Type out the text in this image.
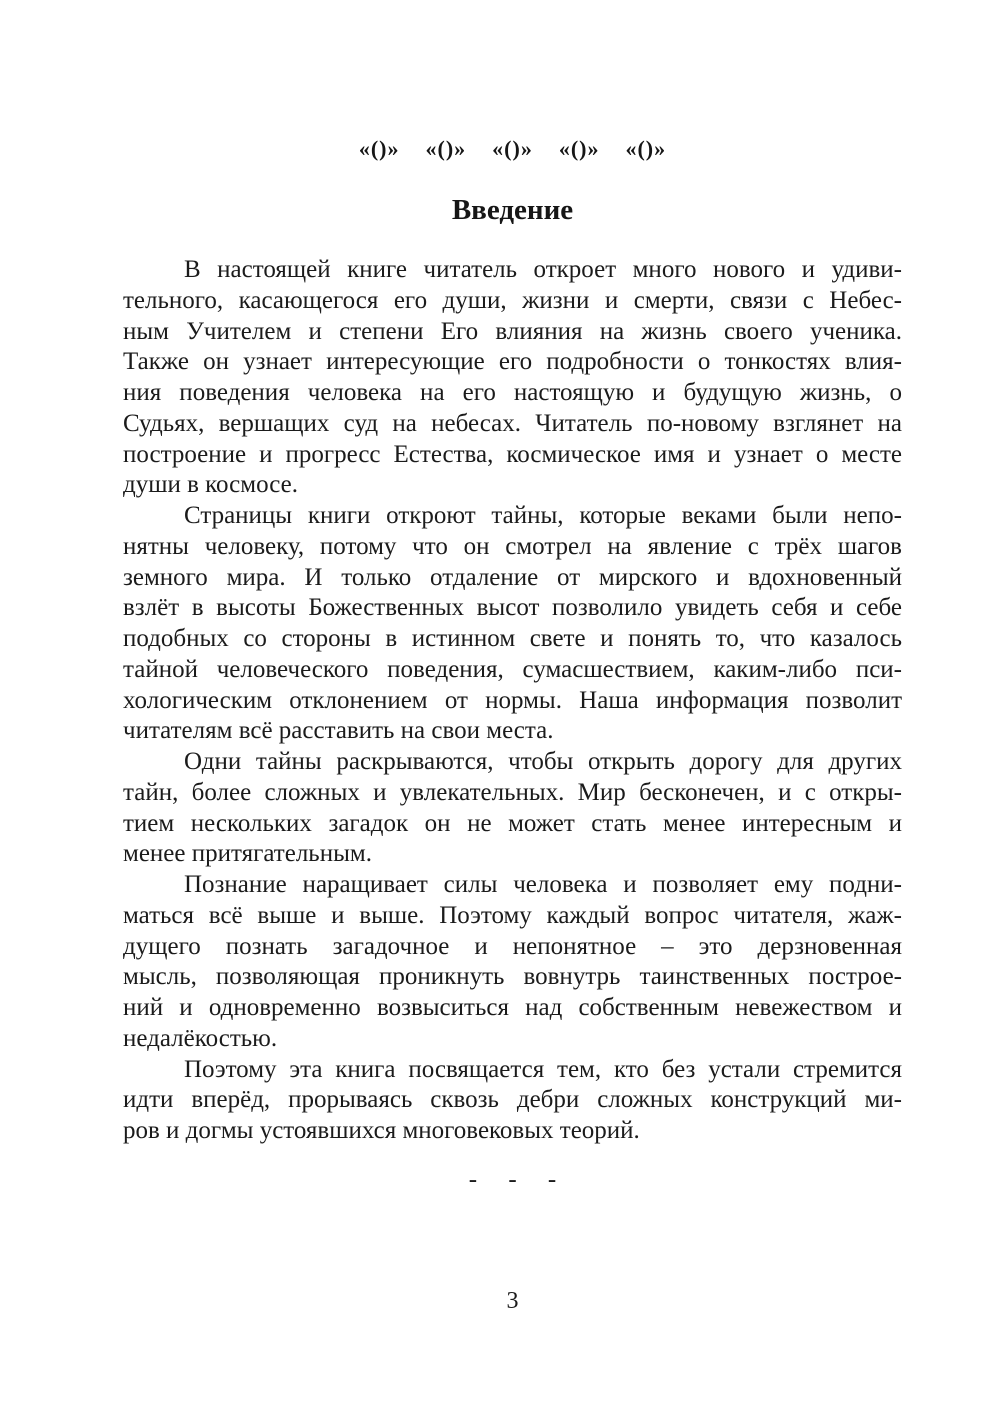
«()»    «()»    «()»    «()»    «()»
Введение
В настоящей книге читатель откроет много нового и удиви-
тельного, касающегося его души, жизни и смерти, связи с Небес-
ным Учителем и степени Его влияния на жизнь своего ученика.
Также он узнает интересующие его подробности о тонкостях влия-
ния поведения человека на его настоящую и будущую жизнь, о
Судьях, вершащих суд на небесах. Читатель по-новому взглянет на
построение и прогресс Естества, космическое имя и узнает о месте
души в космосе.
Страницы книги откроют тайны, которые веками были непо-
нятны человеку, потому что он смотрел на явление с трёх шагов
земного мира. И только отдаление от мирского и вдохновенный
взлёт в высоты Божественных высот позволило увидеть себя и себе
подобных со стороны в истинном свете и понять то, что казалось
тайной человеческого поведения, сумасшествием, каким-либо пси-
хологическим отклонением от нормы. Наша информация позволит
читателям всё расставить на свои места.
Одни тайны раскрываются, чтобы открыть дорогу для других
тайн, более сложных и увлекательных. Мир бесконечен, и с откры-
тием нескольких загадок он не может стать менее интересным и
менее притягательным.
Познание наращивает силы человека и позволяет ему подни-
маться всё выше и выше. Поэтому каждый вопрос читателя, жаж-
дущего познать загадочное и непонятное – это дерзновенная
мысль, позволяющая проникнуть вовнутрь таинственных построе-
ний и одновременно возвыситься над собственным невежеством и
недалёкостью.
Поэтому эта книга посвящается тем, кто без устали стремится
идти вперёд, прорываясь сквозь дебри сложных конструкций ми-
ров и догмы устоявшихся многовековых теорий.
-     -     -
3
